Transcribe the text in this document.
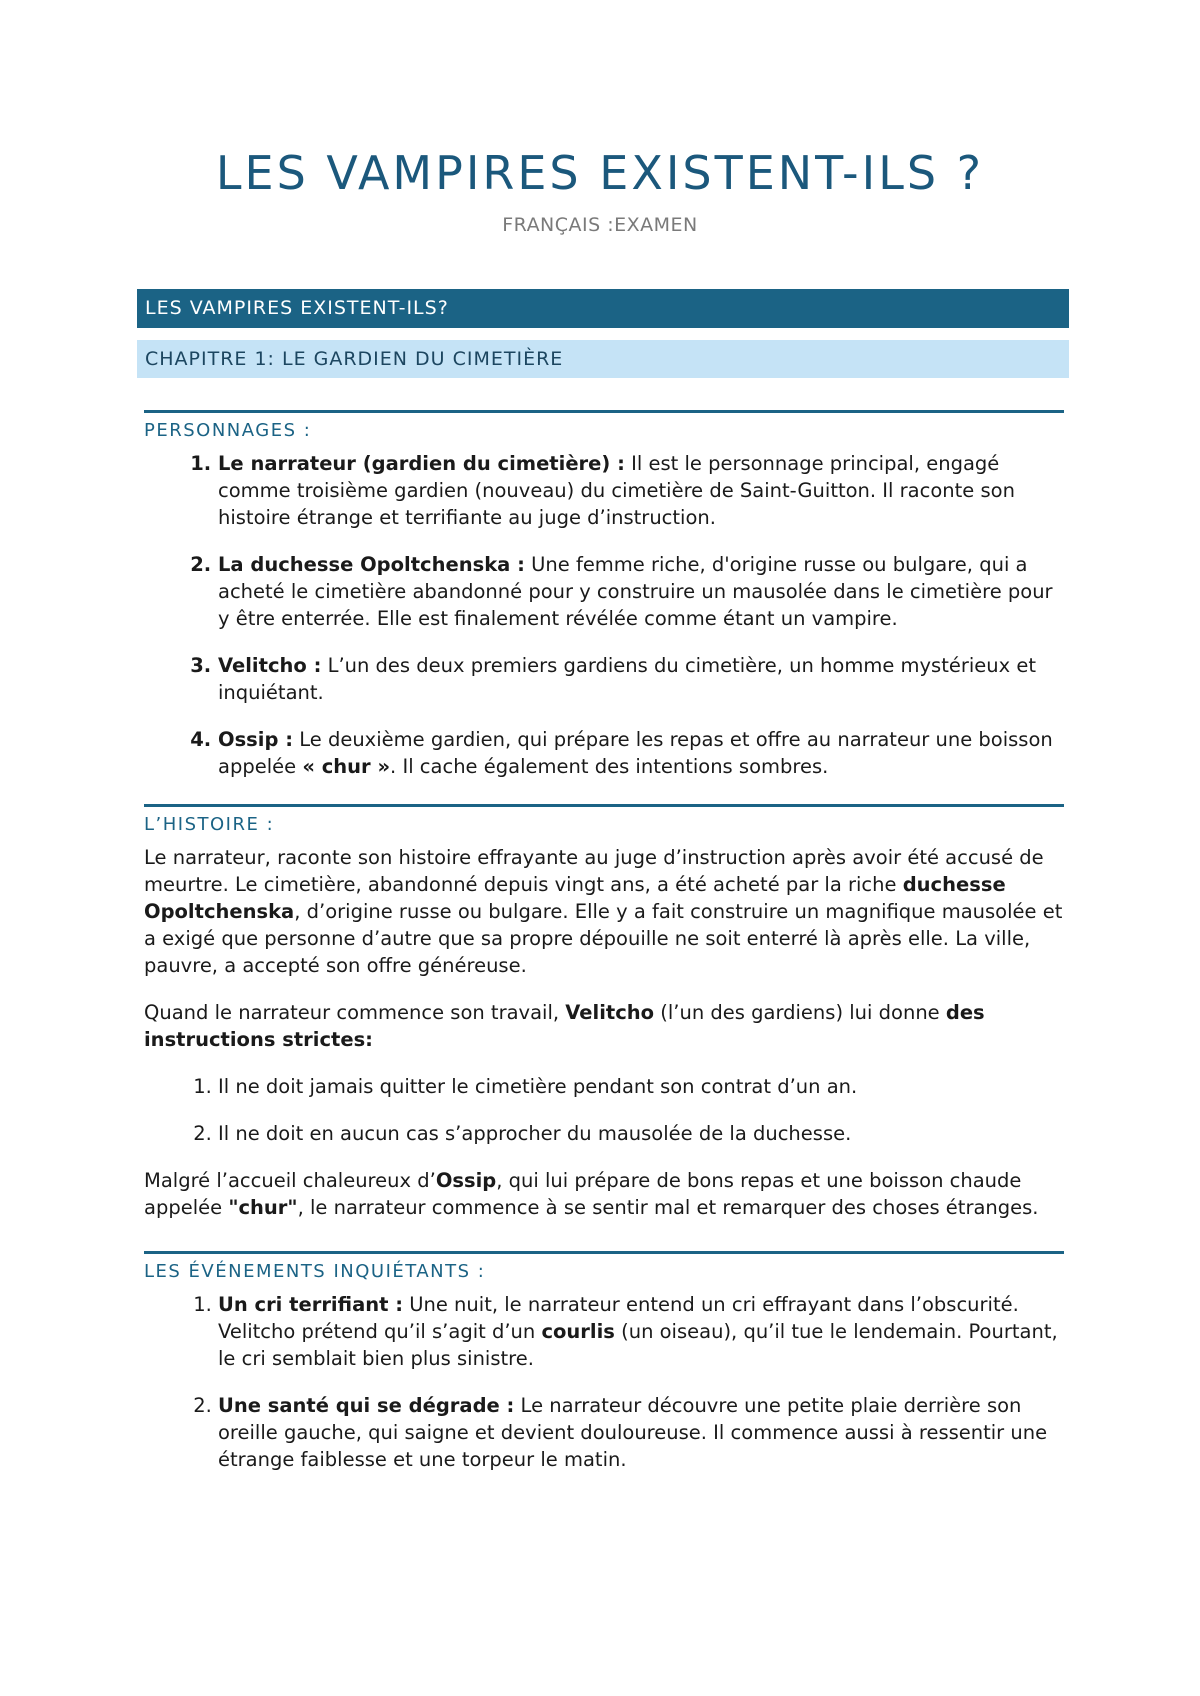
LES VAMPIRES EXISTENT-ILS ?
FRANÇAIS :EXAMEN
LES VAMPIRES EXISTENT-ILS?
CHAPITRE 1: LE GARDIEN DU CIMETIÈRE
PERSONNAGES :
1. Le narrateur (gardien du cimetière) : Il est le personnage principal, engagé comme troisième gardien (nouveau) du cimetière de Saint-Guitton. Il raconte son histoire étrange et terrifiante au juge d’instruction.
2. La duchesse Opoltchenska : Une femme riche, d'origine russe ou bulgare, qui a acheté le cimetière abandonné pour y construire un mausolée dans le cimetière pour y être enterrée. Elle est finalement révélée comme étant un vampire.
3. Velitcho : L’un des deux premiers gardiens du cimetière, un homme mystérieux et inquiétant.
4. Ossip : Le deuxième gardien, qui prépare les repas et offre au narrateur une boisson appelée « chur ». Il cache également des intentions sombres.
L’HISTOIRE :

Le narrateur, raconte son histoire effrayante au juge d’instruction après avoir été accusé de meurtre. Le cimetière, abandonné depuis vingt ans, a été acheté par la riche duchesse Opoltchenska, d’origine russe ou bulgare. Elle y a fait construire un magnifique mausolée et a exigé que personne d’autre que sa propre dépouille ne soit enterré là après elle. La ville, pauvre, a accepté son offre généreuse.

Quand le narrateur commence son travail, Velitcho (l’un des gardiens) lui donne des instructions strictes:

1. Il ne doit jamais quitter le cimetière pendant son contrat d’un an.
2. Il ne doit en aucun cas s’approcher du mausolée de la duchesse.

Malgré l’accueil chaleureux d’Ossip, qui lui prépare de bons repas et une boisson chaude appelée "chur", le narrateur commence à se sentir mal et remarquer des choses étranges.

LES ÉVÉNEMENTS INQUIÉTANTS :
1. Un cri terrifiant : Une nuit, le narrateur entend un cri effrayant dans l’obscurité. Velitcho prétend qu’il s’agit d’un courlis (un oiseau), qu’il tue le lendemain. Pourtant, le cri semblait bien plus sinistre.
2. Une santé qui se dégrade : Le narrateur découvre une petite plaie derrière son oreille gauche, qui saigne et devient douloureuse. Il commence aussi à ressentir une étrange faiblesse et une torpeur le matin.
